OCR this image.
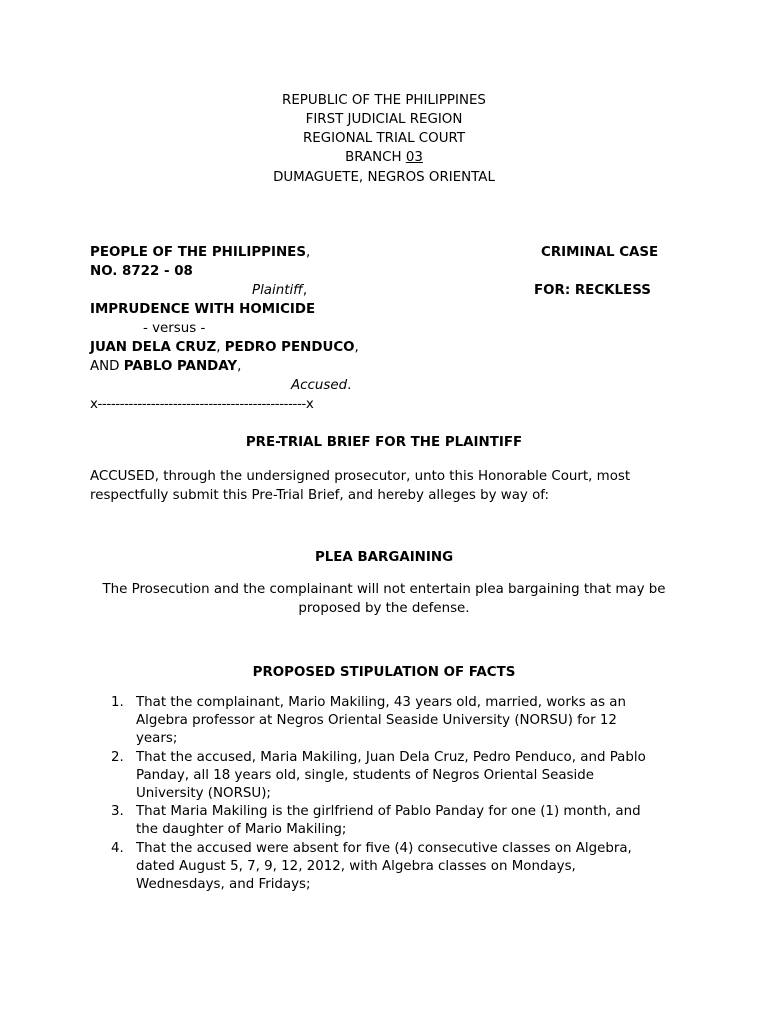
REPUBLIC OF THE PHILIPPINES
FIRST JUDICIAL REGION
REGIONAL TRIAL COURT
BRANCH 03
DUMAGUETE, NEGROS ORIENTAL
PEOPLE OF THE PHILIPPINES,	CRIMINAL CASE
NO. 8722 - 08
Plaintiff,	FOR: RECKLESS
IMPRUDENCE WITH HOMICIDE
- versus -
JUAN DELA CRUZ, PEDRO PENDUCO,
AND PABLO PANDAY,
Accused.
x-----------------------------------------------x
PRE-TRIAL BRIEF FOR THE PLAINTIFF
ACCUSED, through the undersigned prosecutor, unto this Honorable Court, most
respectfully submit this Pre-Trial Brief, and hereby alleges by way of:
PLEA BARGAINING
The Prosecution and the complainant will not entertain plea bargaining that may be
proposed by the defense.
PROPOSED STIPULATION OF FACTS
1. That the complainant, Mario Makiling, 43 years old, married, works as an
Algebra professor at Negros Oriental Seaside University (NORSU) for 12
years;
2. That the accused, Maria Makiling, Juan Dela Cruz, Pedro Penduco, and Pablo
Panday, all 18 years old, single, students of Negros Oriental Seaside
University (NORSU);
3. That Maria Makiling is the girlfriend of Pablo Panday for one (1) month, and
the daughter of Mario Makiling;
4. That the accused were absent for five (4) consecutive classes on Algebra,
dated August 5, 7, 9, 12, 2012, with Algebra classes on Mondays,
Wednesdays, and Fridays;
